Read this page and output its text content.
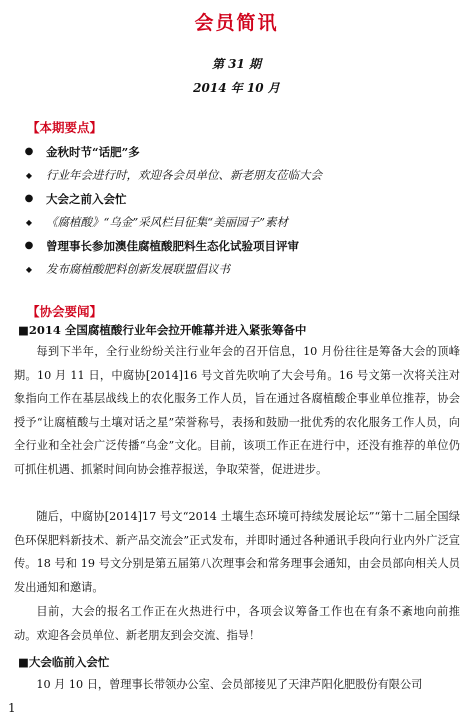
会员简讯
第 31 期
2014 年 10 月
【本期要点】
●
金秋时节“话肥”多
◆
行业年会进行时，欢迎各会员单位、新老朋友莅临大会
●
大会之前入会忙
◆
《腐植酸》“乌金”采风栏目征集“美丽园子”素材
●
曾理事长参加澳佳腐植酸肥料生态化试验项目评审
◆
发布腐植酸肥料创新发展联盟倡议书
【协会要闻】
■2014 全国腐植酸行业年会拉开帷幕并进入紧张筹备中

每到下半年，全行业纷纷关注行业年会的召开信息，10 月份往往是筹备大会的顶峰期。10 月 11 日，中腐协[2014]16 号文首先吹响了大会号角。16 号文第一次将关注对象指向工作在基层战线上的农化服务工作人员，旨在通过各腐植酸企事业单位推荐，协会授予“让腐植酸与土壤对话之星”荣誉称号，表扬和鼓励一批优秀的农化服务工作人员，向全行业和全社会广泛传播“乌金”文化。目前，该项工作正在进行中，还没有推荐的单位仍可抓住机遇、抓紧时间向协会推荐报送，争取荣誉，促进进步。

随后，中腐协[2014]17 号文“2014 土壤生态环境可持续发展论坛”“第十二届全国绿色环保肥料新技术、新产品交流会”正式发布，并即时通过各种通讯手段向行业内外广泛宣传。18 号和 19 号文分别是第五届第八次理事会和常务理事会通知，由会员部向相关人员发出通知和邀请。

目前，大会的报名工作正在火热进行中，各项会议筹备工作也在有条不紊地向前推动。欢迎各会员单位、新老朋友到会交流、指导！

■大会临前入会忙

10 月 10 日，曾理事长带领办公室、会员部接见了天津芦阳化肥股份有限公司

1
